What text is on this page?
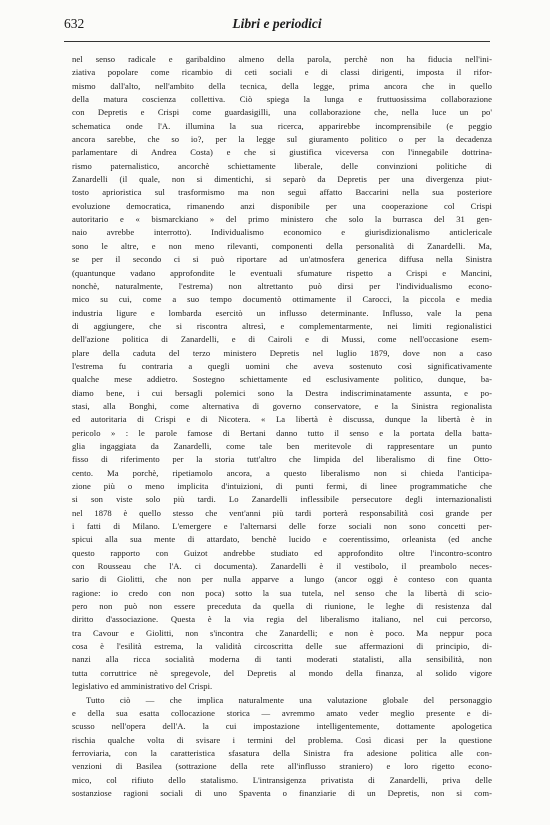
632	Libri e periodici
nel senso radicale e garibaldino almeno della parola, perchè non ha fiducia nell'ini-
ziativa popolare come ricambio di ceti sociali e di classi dirigenti, imposta il rifor-
mismo dall'alto, nell'ambito della tecnica, della legge, prima ancora che in quello
della matura coscienza collettiva. Ciò spiega la lunga e fruttuosissima collaborazione
con Depretis e Crispi come guardasigilli, una collaborazione che, nella luce un po'
schematica onde l'A. illumina la sua ricerca, apparirebbe incomprensibile (e peggio
ancora sarebbe, che so io?, per la legge sul giuramento politico o per la decadenza
parlamentare di Andrea Costa) e che si giustifica viceversa con l'innegabile dottrina-
rismo paternalistico, ancorchè schiettamente liberale, delle convinzioni politiche di
Zanardelli (il quale, non si dimentichi, si separò da Depretis per una divergenza piut-
tosto aprioristica sul trasformismo ma non seguì affatto Baccarini nella sua posteriore
evoluzione democratica, rimanendo anzi disponibile per una cooperazione col Crispi
autoritario e « bismarckiano » del primo ministero che solo la burrasca del 31 gen-
naio avrebbe interrotto). Individualismo economico e giurisdizionalismo anticlericale
sono le altre, e non meno rilevanti, componenti della personalità di Zanardelli. Ma,
se per il secondo ci si può riportare ad un'atmosfera generica diffusa nella Sinistra
(quantunque vadano approfondite le eventuali sfumature rispetto a Crispi e Mancini,
nonchè, naturalmente, l'estrema) non altrettanto può dirsi per l'individualismo econo-
mico su cui, come a suo tempo documentò ottimamente il Carocci, la piccola e media
industria ligure e lombarda esercitò un influsso determinante. Influsso, vale la pena
di aggiungere, che si riscontra altresì, e complementarmente, nei limiti regionalistici
dell'azione politica di Zanardelli, e di Cairoli e di Mussi, come nell'occasione esem-
plare della caduta del terzo ministero Depretis nel luglio 1879, dove non a caso
l'estrema fu contraria a quegli uomini che aveva sostenuto così significativamente
qualche mese addietro. Sostegno schiettamente ed esclusivamente politico, dunque, ba-
diamo bene, i cui bersagli polemici sono la Destra indiscriminatamente assunta, e po-
stasi, alla Bonghi, come alternativa di governo conservatore, e la Sinistra regionalista
ed autoritaria di Crispi e di Nicotera. « La libertà è discussa, dunque la libertà è in
pericolo » : le parole famose di Bertani danno tutto il senso e la portata della batta-
glia ingaggiata da Zanardelli, come tale ben meritevole di rappresentare un punto
fisso di riferimento per la storia tutt'altro che limpida del liberalismo di fine Otto-
cento. Ma porchè, ripetiamolo ancora, a questo liberalismo non si chieda l'anticipa-
zione più o meno implicita d'intuizioni, di punti fermi, di linee programmatiche che
si son viste solo più tardi. Lo Zanardelli inflessibile persecutore degli internazionalisti
nel 1878 è quello stesso che vent'anni più tardi porterà responsabilità così grande per
i fatti di Milano. L'emergere e l'alternarsi delle forze sociali non sono concetti per-
spicui alla sua mente di attardato, benchè lucido e coerentissimo, orleanista (ed anche
questo rapporto con Guizot andrebbe studiato ed approfondito oltre l'incontro-scontro
con Rousseau che l'A. ci documenta). Zanardelli è il vestibolo, il preambolo neces-
sario di Giolitti, che non per nulla apparve a lungo (ancor oggi è conteso con quanta
ragione: io credo con non poca) sotto la sua tutela, nel senso che la libertà di scio-
pero non può non essere preceduta da quella di riunione, le leghe di resistenza dal
diritto d'associazione. Questa è la via regia del liberalismo italiano, nel cui percorso,
tra Cavour e Giolitti, non s'incontra che Zanardelli; e non è poco. Ma neppur poca
cosa è l'esilità estrema, la validità circoscritta delle sue affermazioni di principio, di-
nanzi alla ricca socialità moderna di tanti moderati statalisti, alla sensibilità, non
tutta corruttrice nè spregevole, del Depretis al mondo della finanza, al solido vigore
legislativo ed amministrativo del Crispi.
Tutto ciò — che implica naturalmente una valutazione globale del personaggio
e della sua esatta collocazione storica — avremmo amato veder meglio presente e di-
scusso nell'opera dell'A. la cui impostazione intelligentemente, dottamente apologetica
rischia qualche volta di svisare i termini del problema. Così dicasi per la questione
ferroviaria, con la caratteristica sfasatura della Sinistra fra adesione politica alle con-
venzioni di Basilea (sottrazione della rete all'influsso straniero) e loro rigetto econo-
mico, col rifiuto dello statalismo. L'intransigenza privatista di Zanardelli, priva delle
sostanziose ragioni sociali di uno Spaventa o finanziarie di un Depretis, non si com-
